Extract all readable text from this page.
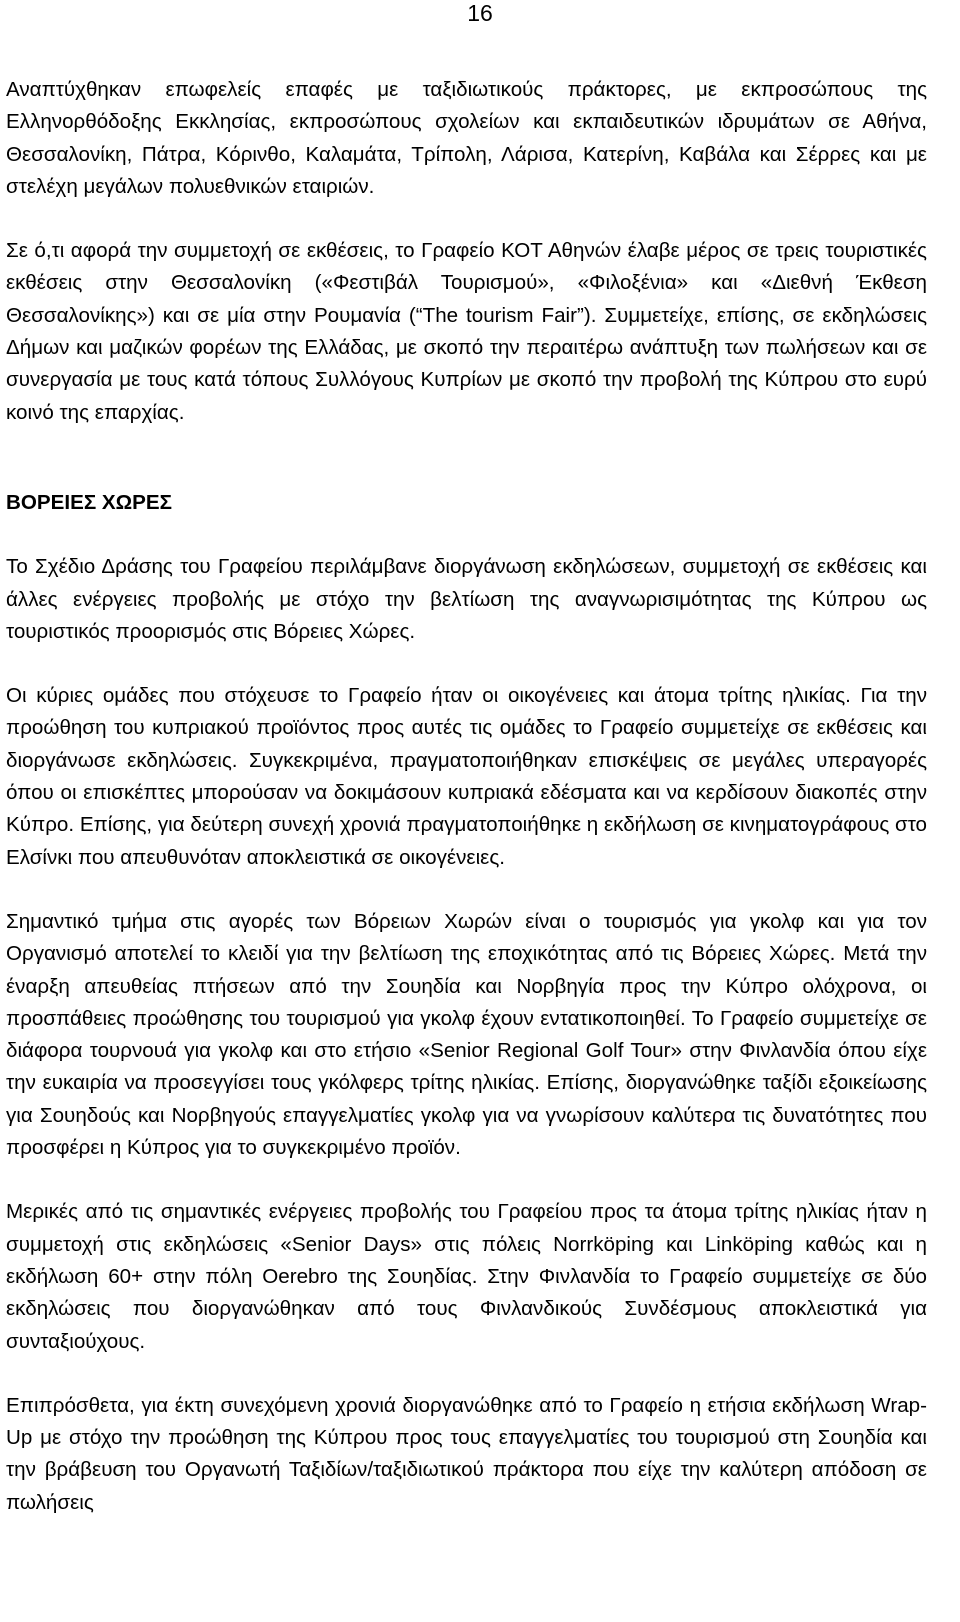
16

Αναπτύχθηκαν επωφελείς επαφές με ταξιδιωτικούς πράκτορες, με εκπροσώπους της Ελληνορθόδοξης Εκκλησίας, εκπροσώπους σχολείων και εκπαιδευτικών ιδρυμάτων σε Αθήνα, Θεσσαλονίκη, Πάτρα, Κόρινθο, Καλαμάτα, Τρίπολη, Λάρισα, Κατερίνη, Καβάλα και Σέρρες και με στελέχη μεγάλων πολυεθνικών εταιριών.

Σε ό,τι αφορά την συμμετοχή σε εκθέσεις, το Γραφείο ΚΟΤ Αθηνών έλαβε μέρος σε τρεις τουριστικές εκθέσεις στην Θεσσαλονίκη («Φεστιβάλ Τουρισμού», «Φιλοξένια» και «Διεθνή Έκθεση Θεσσαλονίκης») και σε μία στην Ρουμανία (“The tourism Fair”). Συμμετείχε, επίσης, σε εκδηλώσεις Δήμων και μαζικών φορέων της Ελλάδας, με σκοπό την περαιτέρω ανάπτυξη των πωλήσεων και σε συνεργασία με τους κατά τόπους Συλλόγους Κυπρίων με σκοπό την προβολή της Κύπρου στο ευρύ κοινό της επαρχίας.

ΒΟΡΕΙΕΣ ΧΩΡΕΣ

Το Σχέδιο Δράσης του Γραφείου περιλάμβανε διοργάνωση εκδηλώσεων, συμμετοχή σε εκθέσεις και άλλες ενέργειες προβολής με στόχο την βελτίωση της αναγνωρισιμότητας της Κύπρου ως τουριστικός προορισμός στις Βόρειες Χώρες.

Οι κύριες ομάδες που στόχευσε το Γραφείο ήταν οι οικογένειες και άτομα τρίτης ηλικίας. Για την προώθηση του κυπριακού προϊόντος προς αυτές τις ομάδες το Γραφείο συμμετείχε σε εκθέσεις και διοργάνωσε εκδηλώσεις. Συγκεκριμένα, πραγματοποιήθηκαν επισκέψεις σε μεγάλες υπεραγορές όπου οι επισκέπτες μπορούσαν να δοκιμάσουν κυπριακά εδέσματα και να κερδίσουν διακοπές στην Κύπρο. Επίσης, για δεύτερη συνεχή χρονιά πραγματοποιήθηκε η εκδήλωση σε κινηματογράφους στο Ελσίνκι που απευθυνόταν αποκλειστικά σε οικογένειες.

Σημαντικό τμήμα στις αγορές των Βόρειων Χωρών είναι ο τουρισμός για γκολφ και για τον Οργανισμό αποτελεί το κλειδί για την βελτίωση της εποχικότητας από τις Βόρειες Χώρες. Μετά την έναρξη απευθείας πτήσεων από την Σουηδία και Νορβηγία προς την Κύπρο ολόχρονα, οι προσπάθειες προώθησης του τουρισμού για γκολφ έχουν εντατικοποιηθεί. Το Γραφείο συμμετείχε σε διάφορα τουρνουά για γκολφ και στο ετήσιο «Senior Regional Golf Tour» στην Φινλανδία όπου είχε την ευκαιρία να προσεγγίσει τους γκόλφερς τρίτης ηλικίας. Επίσης, διοργανώθηκε ταξίδι εξοικείωσης για Σουηδούς και Νορβηγούς επαγγελματίες γκολφ για να γνωρίσουν καλύτερα τις δυνατότητες που προσφέρει η Κύπρος για το συγκεκριμένο προϊόν.

Μερικές από τις σημαντικές ενέργειες προβολής του Γραφείου προς τα άτομα τρίτης ηλικίας ήταν η συμμετοχή στις εκδηλώσεις «Senior Days» στις πόλεις Norrköping και Linköping καθώς και η εκδήλωση 60+ στην πόλη Oerebro της Σουηδίας. Στην Φινλανδία το Γραφείο συμμετείχε σε δύο εκδηλώσεις που διοργανώθηκαν από τους Φινλανδικούς Συνδέσμους αποκλειστικά για συνταξιούχους.

Επιπρόσθετα, για έκτη συνεχόμενη χρονιά διοργανώθηκε από το Γραφείο η ετήσια εκδήλωση Wrap-Up με στόχο την προώθηση της Κύπρου προς τους επαγγελματίες του τουρισμού στη Σουηδία και την βράβευση του Οργανωτή Ταξιδίων/ταξιδιωτικού πράκτορα που είχε την καλύτερη απόδοση σε πωλήσεις
